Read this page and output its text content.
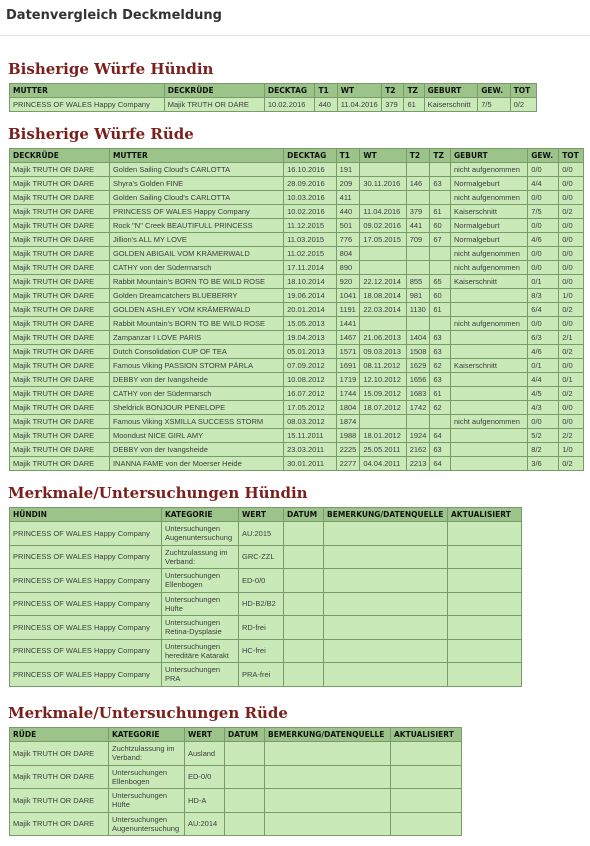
Datenvergleich Deckmeldung
Bisherige Würfe Hündin
MUTTER	DECKRÜDE	DECKTAG	T1	WT	T2	TZ	GEBURT	GEW.	TOT
PRINCESS OF WALES Happy Company	Majik TRUTH OR DARE	10.02.2016	440	11.04.2016	379	61	Kaiserschnitt	7/5	0/2
Bisherige Würfe Rüde
DECKRÜDE	MUTTER	DECKTAG	T1	WT	T2	TZ	GEBURT	GEW.	TOT
Majik TRUTH OR DARE	Golden Sailing Cloud's CARLOTTA	16.10.2016	191				nicht aufgenommen	0/0	0/0
Majik TRUTH OR DARE	Shyra's Golden FINE	28.09.2016	209	30.11.2016	146	63	Normalgeburt	4/4	0/0
Majik TRUTH OR DARE	Golden Sailing Cloud's CARLOTTA	10.03.2016	411				nicht aufgenommen	0/0	0/0
Majik TRUTH OR DARE	PRINCESS OF WALES Happy Company	10.02.2016	440	11.04.2016	379	61	Kaiserschnitt	7/5	0/2
Majik TRUTH OR DARE	Rock "N" Creek BEAUTIFULL PRINCESS	11.12.2015	501	09.02.2016	441	60	Normalgeburt	0/0	0/0
Majik TRUTH OR DARE	Jillion's ALL MY LOVE	11.03.2015	776	17.05.2015	709	67	Normalgeburt	4/6	0/0
Majik TRUTH OR DARE	GOLDEN ABIGAIL VOM KRÄMERWALD	11.02.2015	804				nicht aufgenommen	0/0	0/0
Majik TRUTH OR DARE	CATHY von der Südermarsch	17.11.2014	890				nicht aufgenommen	0/0	0/0
Majik TRUTH OR DARE	Rabbit Mountain's BORN TO BE WILD ROSE	18.10.2014	920	22.12.2014	855	65	Kaiserschnitt	0/1	0/0
Majik TRUTH OR DARE	Golden Dreamcatchers BLUEBERRY	19.06.2014	1041	18.08.2014	981	60		8/3	1/0
Majik TRUTH OR DARE	GOLDEN ASHLEY VOM KRÄMERWALD	20.01.2014	1191	22.03.2014	1130	61		6/4	0/2
Majik TRUTH OR DARE	Rabbit Mountain's BORN TO BE WILD ROSE	15.05.2013	1441				nicht aufgenommen	0/0	0/0
Majik TRUTH OR DARE	Zampanzar I LOVE PARIS	19.04.2013	1467	21.06.2013	1404	63		6/3	2/1
Majik TRUTH OR DARE	Dutch Consolidation CUP OF TEA	05.01.2013	1571	09.03.2013	1508	63		4/6	0/2
Majik TRUTH OR DARE	Famous Viking PASSION STORM PÄRLA	07.09.2012	1691	08.11.2012	1629	62	Kaiserschnitt	0/1	0/0
Majik TRUTH OR DARE	DEBBY von der Ivangsheide	10.08.2012	1719	12.10.2012	1656	63		4/4	0/1
Majik TRUTH OR DARE	CATHY von der Südermarsch	16.07.2012	1744	15.09.2012	1683	61		4/5	0/2
Majik TRUTH OR DARE	Sheldrick BONJOUR PENELOPE	17.05.2012	1804	18.07.2012	1742	62		4/3	0/0
Majik TRUTH OR DARE	Famous Viking XSMILLA SUCCESS STORM	08.03.2012	1874				nicht aufgenommen	0/0	0/0
Majik TRUTH OR DARE	Moondust NICE GIRL AMY	15.11.2011	1988	18.01.2012	1924	64		5/2	2/2
Majik TRUTH OR DARE	DEBBY von der Ivangsheide	23.03.2011	2225	25.05.2011	2162	63		8/2	1/0
Majik TRUTH OR DARE	INANNA FAME von der Moerser Heide	30.01.2011	2277	04.04.2011	2213	64		3/6	0/2
Merkmale/Untersuchungen Hündin
HÜNDIN	KATEGORIE	WERT	DATUM	BEMERKUNG/DATENQUELLE	AKTUALISIERT
PRINCESS OF WALES Happy Company	Untersuchungen Augenuntersuchung	AU:2015			
PRINCESS OF WALES Happy Company	Zuchtzulassung im Verband:	GRC-ZZL			
PRINCESS OF WALES Happy Company	Untersuchungen Ellenbogen	ED-0/0			
PRINCESS OF WALES Happy Company	Untersuchungen Hüfte	HD-B2/B2			
PRINCESS OF WALES Happy Company	Untersuchungen Retina-Dysplasie	RD-frei			
PRINCESS OF WALES Happy Company	Untersuchungen hereditäre Katarakt	HC-frei			
PRINCESS OF WALES Happy Company	Untersuchungen PRA	PRA-frei			
Merkmale/Untersuchungen Rüde
RÜDE	KATEGORIE	WERT	DATUM	BEMERKUNG/DATENQUELLE	AKTUALISIERT
Majik TRUTH OR DARE	Zuchtzulassung im Verband:	Ausland			
Majik TRUTH OR DARE	Untersuchungen Ellenbogen	ED-0/0			
Majik TRUTH OR DARE	Untersuchungen Hüfte	HD-A			
Majik TRUTH OR DARE	Untersuchungen Augenuntersuchung	AU:2014			
